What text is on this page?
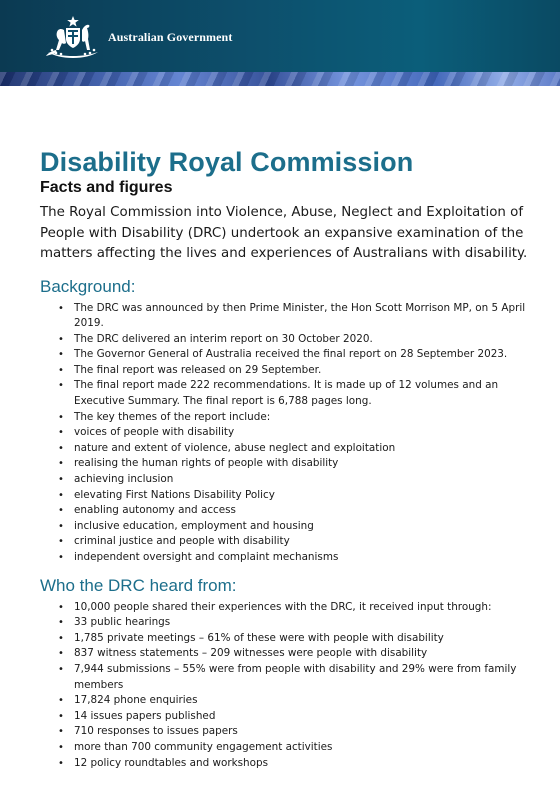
Australian Government
Disability Royal Commission

Facts and figures

The Royal Commission into Violence, Abuse, Neglect and Exploitation of People with Disability (DRC) undertook an expansive examination of the matters affecting the lives and experiences of Australians with disability.

Background:
• The DRC was announced by then Prime Minister, the Hon Scott Morrison MP, on 5 April 2019.
• The DRC delivered an interim report on 30 October 2020.
• The Governor General of Australia received the final report on 28 September 2023.
• The final report was released on 29 September.
• The final report made 222 recommendations. It is made up of 12 volumes and an Executive Summary. The final report is 6,788 pages long.
• The key themes of the report include:
• voices of people with disability
• nature and extent of violence, abuse neglect and exploitation
• realising the human rights of people with disability
• achieving inclusion
• elevating First Nations Disability Policy
• enabling autonomy and access
• inclusive education, employment and housing
• criminal justice and people with disability
• independent oversight and complaint mechanisms
Who the DRC heard from:
• 10,000 people shared their experiences with the DRC, it received input through:
• 33 public hearings
• 1,785 private meetings – 61% of these were with people with disability
• 837 witness statements – 209 witnesses were people with disability
• 7,944 submissions – 55% were from people with disability and 29% were from family members
• 17,824 phone enquiries
• 14 issues papers published
• 710 responses to issues papers
• more than 700 community engagement activities
• 12 policy roundtables and workshops
